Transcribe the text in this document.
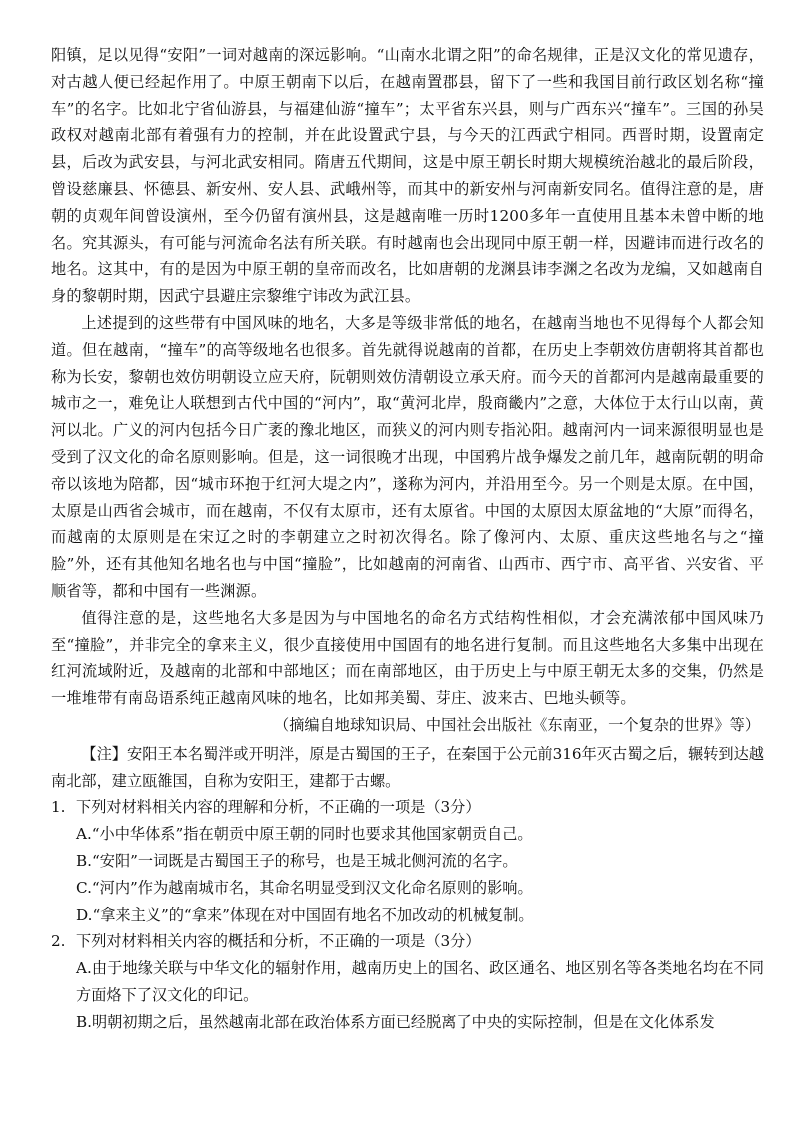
阳镇，足以见得“安阳”一词对越南的深远影响。“山南水北谓之阳”的命名规律，正是汉文化的常见遗存，对古越人便已经起作用了。中原王朝南下以后，在越南置郡县，留下了一些和我国目前行政区划名称“撞车”的名字。比如北宁省仙游县，与福建仙游“撞车”；太平省东兴县，则与广西东兴“撞车”。三国的孙吴政权对越南北部有着强有力的控制，并在此设置武宁县，与今天的江西武宁相同。西晋时期，设置南定县，后改为武安县，与河北武安相同。隋唐五代期间，这是中原王朝长时期大规模统治越北的最后阶段，曾设慈廉县、怀德县、新安州、安人县、武峨州等，而其中的新安州与河南新安同名。值得注意的是，唐朝的贞观年间曾设演州，至今仍留有演州县，这是越南唯一历时1200多年一直使用且基本未曾中断的地名。究其源头，有可能与河流命名法有所关联。有时越南也会出现同中原王朝一样，因避讳而进行改名的地名。这其中，有的是因为中原王朝的皇帝而改名，比如唐朝的龙渊县讳李渊之名改为龙编，又如越南自身的黎朝时期，因武宁县避庄宗黎维宁讳改为武江县。

上述提到的这些带有中国风味的地名，大多是等级非常低的地名，在越南当地也不见得每个人都会知道。但在越南，“撞车”的高等级地名也很多。首先就得说越南的首都，在历史上李朝效仿唐朝将其首都也称为长安，黎朝也效仿明朝设立应天府，阮朝则效仿清朝设立承天府。而今天的首都河内是越南最重要的城市之一，难免让人联想到古代中国的“河内”，取“黄河北岸，殷商畿内”之意，大体位于太行山以南，黄河以北。广义的河内包括今日广袤的豫北地区，而狭义的河内则专指沁阳。越南河内一词来源很明显也是受到了汉文化的命名原则影响。但是，这一词很晚才出现，中国鸦片战争爆发之前几年，越南阮朝的明命帝以该地为陪都，因“城市环抱于红河大堤之内”，遂称为河内，并沿用至今。另一个则是太原。在中国，太原是山西省会城市，而在越南，不仅有太原市，还有太原省。中国的太原因太原盆地的“大原”而得名，而越南的太原则是在宋辽之时的李朝建立之时初次得名。除了像河内、太原、重庆这些地名与之“撞脸”外，还有其他知名地名也与中国“撞脸”，比如越南的河南省、山西市、西宁市、高平省、兴安省、平顺省等，都和中国有一些渊源。

值得注意的是，这些地名大多是因为与中国地名的命名方式结构性相似，才会充满浓郁中国风味乃至“撞脸”，并非完全的拿来主义，很少直接使用中国固有的地名进行复制。而且这些地名大多集中出现在红河流域附近，及越南的北部和中部地区；而在南部地区，由于历史上与中原王朝无太多的交集，仍然是一堆堆带有南岛语系纯正越南风味的地名，比如邦美蜀、芽庄、波来古、巴地头顿等。

（摘编自地球知识局、中国社会出版社《东南亚，一个复杂的世界》等）

【注】安阳王本名蜀泮或开明泮，原是古蜀国的王子，在秦国于公元前316年灭古蜀之后，辗转到达越南北部，建立瓯雒国，自称为安阳王，建都于古螺。

1. 下列对材料相关内容的理解和分析，不正确的一项是（3分）

A.“小中华体系”指在朝贡中原王朝的同时也要求其他国家朝贡自己。

B.“安阳”一词既是古蜀国王子的称号，也是王城北侧河流的名字。

C.“河内”作为越南城市名，其命名明显受到汉文化命名原则的影响。

D.“拿来主义”的“拿来”体现在对中国固有地名不加改动的机械复制。

2. 下列对材料相关内容的概括和分析，不正确的一项是（3分）

A.由于地缘关联与中华文化的辐射作用，越南历史上的国名、政区通名、地区别名等各类地名均在不同方面烙下了汉文化的印记。

B.明朝初期之后，虽然越南北部在政治体系方面已经脱离了中央的实际控制，但是在文化体系发
